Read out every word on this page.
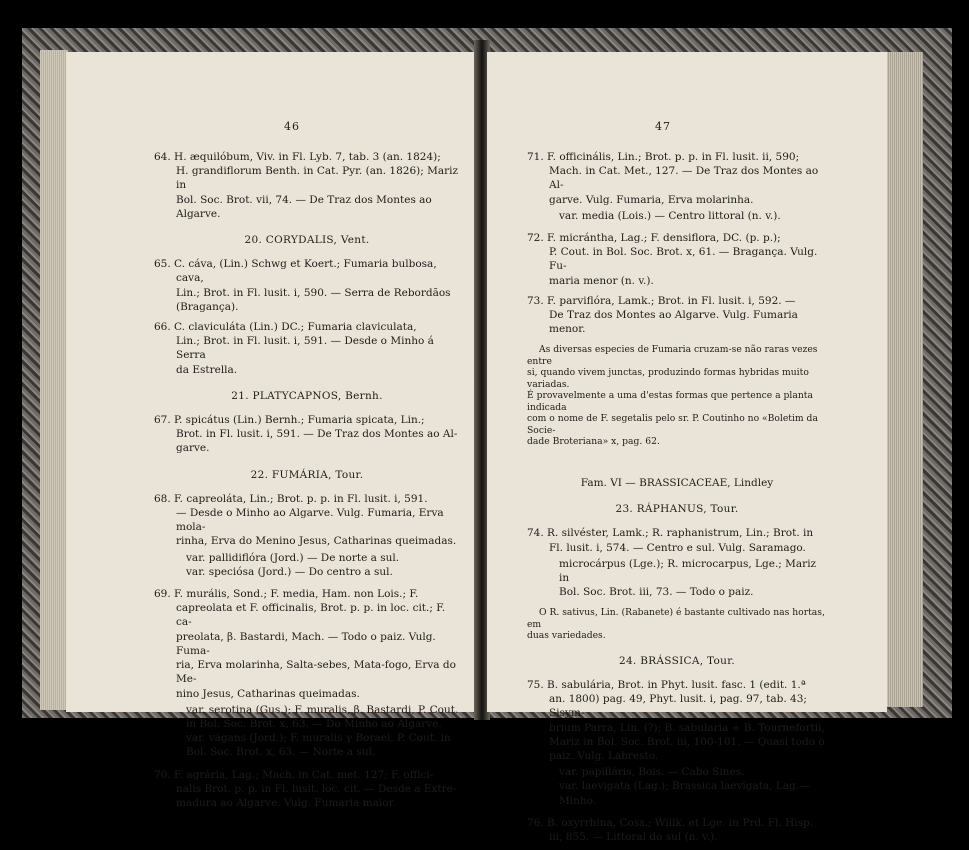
46

64. H. æquilóbum, Viv. in Fl. Lyb. 7, tab. 3 (an. 1824);
H. grandiflorum Benth. in Cat. Pyr. (an. 1826); Mariz in
Bol. Soc. Brot. vii, 74. — De Traz dos Montes ao Algarve.

20. CORYDALIS, Vent.

65. C. cáva, (Lin.) Schwg et Koert.; Fumaria bulbosa, cava,
Lin.; Brot. in Fl. lusit. i, 590. — Serra de Rebordãos
(Bragança).

66. C. claviculáta (Lin.) DC.; Fumaria claviculata,
Lin.; Brot. in Fl. lusit. i, 591. — Desde o Minho á Serra
da Estrella.

21. PLATYCAPNOS, Bernh.

67. P. spicátus (Lin.) Bernh.; Fumaria spicata, Lin.;
Brot. in Fl. lusit. i, 591. — De Traz dos Montes ao Al-
garve.

22. FUMÁRIA, Tour.

68. F. capreoláta, Lin.; Brot. p. p. in Fl. lusit. i, 591.
— Desde o Minho ao Algarve. Vulg. Fumaria, Erva mola-
rinha, Erva do Menino Jesus, Catharinas queimadas.

var. pallidiflóra (Jord.) — De norte a sul.

var. speciósa (Jord.) — Do centro a sul.

69. F. murális, Sond.; F. media, Ham. non Lois.; F.
capreolata et F. officinalis, Brot. p. p. in loc. cit.; F. ca-
preolata, β. Bastardi, Mach. — Todo o paiz. Vulg. Fuma-
ria, Erva molarinha, Salta-sebes, Mata-fogo, Erva do Me-
nino Jesus, Catharinas queimadas.

var. serotina (Gus.); F. muralis, β. Bastardi, P. Cout.
in Bol. Soc. Brot. x, 63. — Do Minho ao Algarve.

var. vágans (Jord.); F. muralis γ Boraei, P. Cout. in
Bol. Soc. Brot. x, 63. — Norte a sul.

70. F. agrária, Lag.; Mach. in Cat. met. 127; F. offici-
nalis Brot. p. p. in Fl. lusit. loc. cit. — Desde a Extre-
madura ao Algarve. Vulg. Fumaria maior.

47

71. F. officinális, Lin.; Brot. p. p. in Fl. lusit. ii, 590;
Mach. in Cat. Met., 127. — De Traz dos Montes ao Al-
garve. Vulg. Fumaria, Erva molarinha.

var. media (Lois.) — Centro littoral (n. v.).

72. F. micrántha, Lag.; F. densiflora, DC. (p. p.);
P. Cout. in Bol. Soc. Brot. x, 61. — Bragança. Vulg. Fu-
maria menor (n. v.).

73. F. parviflóra, Lamk.; Brot. in Fl. lusit. i, 592. —
De Traz dos Montes ao Algarve. Vulg. Fumaria menor.

As diversas especies de Fumaria cruzam-se não raras vezes entre
si, quando vivem junctas, produzindo formas hybridas muito variadas.
É provavelmente a uma d'estas formas que pertence a planta indicada
com o nome de F. segetalis pelo sr. P. Coutinho no «Boletim da Socie-
dade Broteriana» x, pag. 62.

Fam. VI — BRASSICACEAE, Lindley

23. RÁPHANUS, Tour.

74. R. silvéster, Lamk.; R. raphanistrum, Lin.; Brot. in
Fl. lusit. i, 574. — Centro e sul. Vulg. Saramago.

microcárpus (Lge.); R. microcarpus, Lge.; Mariz in
Bol. Soc. Brot. iii, 73. — Todo o paiz.

O R. sativus, Lin. (Rabanete) é bastante cultivado nas hortas, em
duas variedades.

24. BRÁSSICA, Tour.

75. B. sabulária, Brot. in Phyt. lusit. fasc. 1 (edit. 1.ª
an. 1800) pag. 49, Phyt. lusit. i, pag. 97, tab. 43; Sisym-
brium Parra, Lin. (?); B. sabularia + B. Tournefortii,
Mariz in Bol. Soc. Brot. iii, 100-101. — Quasi todo o
paiz. Vulg. Labresto.

var. papilláris, Bois. — Cabo Sines.

var. laevigata (Lag.); Brassica laevigata, Lag.—Minho.

76. B. oxyrrhina, Coss.; Willk. et Lge. in Prd. Fl. Hisp.
iii, 855. — Littoral do sul (n. v.).
